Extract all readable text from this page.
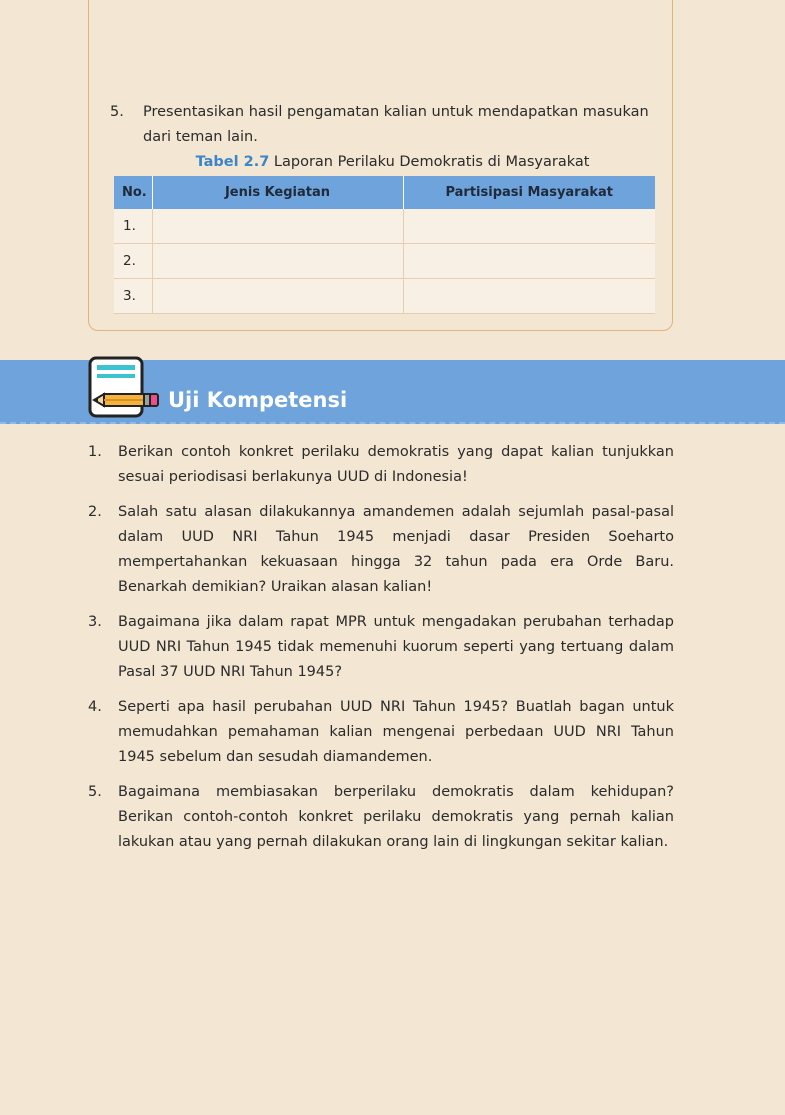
5. Presentasikan hasil pengamatan kalian untuk mendapatkan masukan dari teman lain.
Tabel 2.7 Laporan Perilaku Demokratis di Masyarakat
No.	Jenis Kegiatan	Partisipasi Masyarakat
1.		
2.		
3.		
Uji Kompetensi
1. Berikan contoh konkret perilaku demokratis yang dapat kalian tunjukkan sesuai periodisasi berlakunya UUD di Indonesia!
2. Salah satu alasan dilakukannya amandemen adalah sejumlah pasal-pasal dalam UUD NRI Tahun 1945 menjadi dasar Presiden Soeharto mempertahankan kekuasaan hingga 32 tahun pada era Orde Baru. Benarkah demikian? Uraikan alasan kalian!
3. Bagaimana jika dalam rapat MPR untuk mengadakan perubahan terhadap UUD NRI Tahun 1945 tidak memenuhi kuorum seperti yang tertuang dalam Pasal 37 UUD NRI Tahun 1945?
4. Seperti apa hasil perubahan UUD NRI Tahun 1945? Buatlah bagan untuk memudahkan pemahaman kalian mengenai perbedaan UUD NRI Tahun 1945 sebelum dan sesudah diamandemen.
5. Bagaimana membiasakan berperilaku demokratis dalam kehidupan? Berikan contoh-contoh konkret perilaku demokratis yang pernah kalian lakukan atau yang pernah dilakukan orang lain di lingkungan sekitar kalian.
